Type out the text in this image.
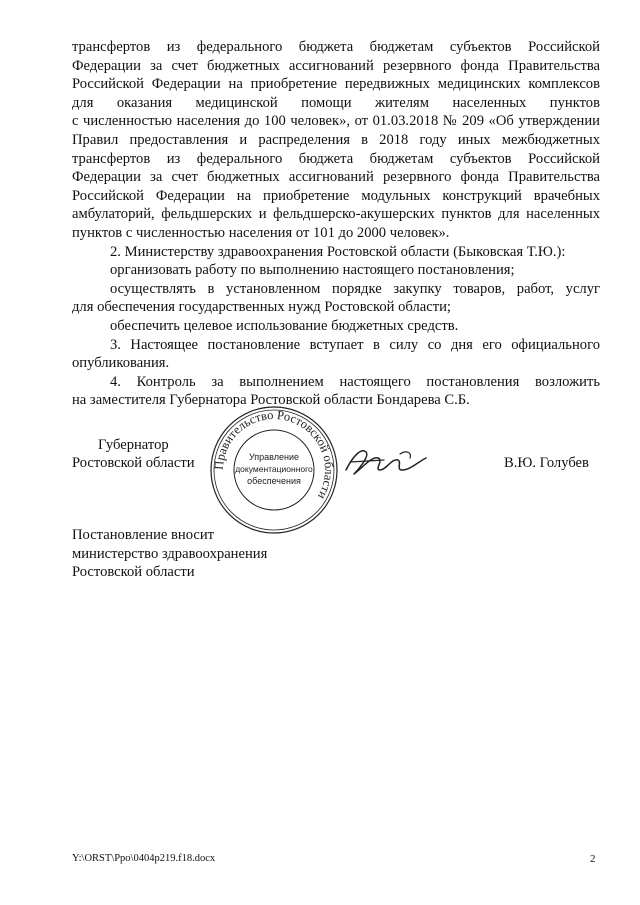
трансфертов из федерального бюджета бюджетам субъектов Российской
Федерации за счет бюджетных ассигнований резервного фонда Правительства
Российской Федерации на приобретение передвижных медицинских комплексов
для оказания медицинской помощи жителям населенных пунктов
с численностью населения до 100 человек», от 01.03.2018 № 209 «Об утверждении
Правил предоставления и распределения в 2018 году иных межбюджетных
трансфертов из федерального бюджета бюджетам субъектов Российской
Федерации за счет бюджетных ассигнований резервного фонда Правительства
Российской Федерации на приобретение модульных конструкций врачебных
амбулаторий, фельдшерских и фельдшерско-акушерских пунктов для населенных
пунктов с численностью населения от 101 до 2000 человек».
2. Министерству здравоохранения Ростовской области (Быковская Т.Ю.):
организовать работу по выполнению настоящего постановления;
осуществлять в установленном порядке закупку товаров, работ, услуг
для обеспечения государственных нужд Ростовской области;
обеспечить целевое использование бюджетных средств.
3. Настоящее постановление вступает в силу со дня его официального
опубликования.
4. Контроль за выполнением настоящего постановления возложить
на заместителя Губернатора Ростовской области Бондарева С.Б.
Губернатор
Ростовской области Правительство Ростовской области
Управление
документационного
обеспечения
В.Ю. Голубев
Постановление вносит
министерство здравоохранения
Ростовской области
Y:\ORST\Ppo\0404p219.f18.docx	2
